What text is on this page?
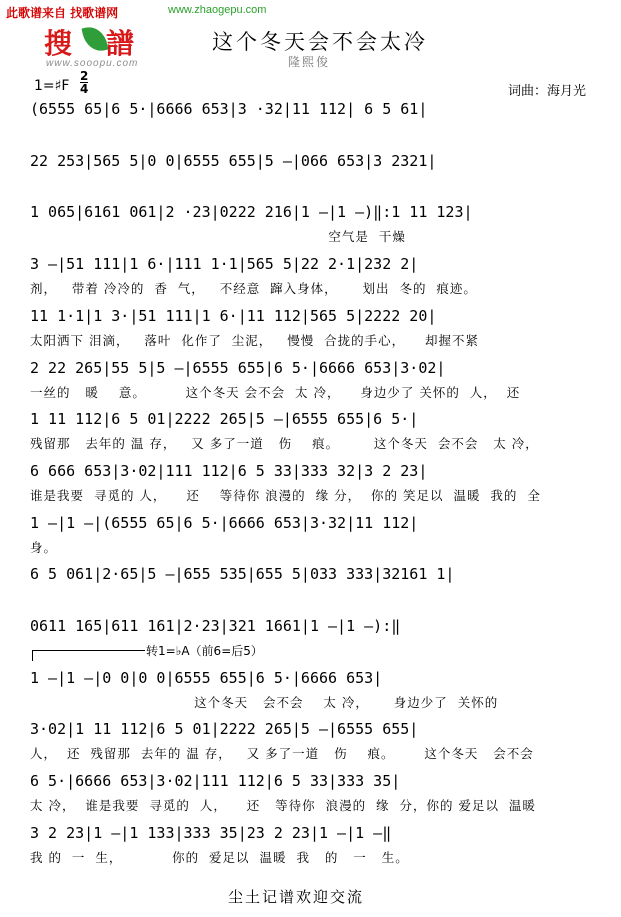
此歌谱来自 找歌谱网	www.zhaogepu.com
搜 譜
www.sooopu.com
这个冬天会不会太冷
隆熙俊
1=♯F
2
4	词曲：海月光
(6555 65|6 5·|6666 653|3 ·32|11 112| 6 5 61|
22 253|565 5|0 0|6555 655|5 –|066 653|3 2321|
1 065|6161 061|2 ·23|0222 216|1 –|1 –)‖:1 11 123|
空气是  干燥
3 –|51 111|1 6·|111 1·1|565 5|22 2·1|232 2|
剂，   带着 冷冷的  香  气，   不经意  蹿入身体，     划出  冬的  痕迹。
11 1·1|1 3·|51 111|1 6·|11 112|565 5|2222 20|
太阳洒下 泪滴，   落叶  化作了  尘泥，   慢慢  合拢的手心，    却握不紧
2 22 265|55 5|5 –|6555 655|6 5·|6666 653|3·02|
一丝的   暖    意。        这个冬天 会不会  太 冷，    身边少了 关怀的  人，  还
1 11 112|6 5 01|2222 265|5 –|6555 655|6 5·|
残留那   去年的 温 存，   又 多了一道   伤    痕。       这个冬天  会不会   太 冷，
6 666 653|3·02|111 112|6 5 33|333 32|3 2 23|
谁是我要  寻觅的 人，    还    等待你 浪漫的  缘 分，  你的 笑足以  温暖  我的  全
1 –|1 –|(6555 65|6 5·|6666 653|3·32|11 112|
身。
6 5 061|2·65|5 –|655 535|655 5|033 333|32161 1|
0611 165|611 161|2·23|321 1661|1 –|1 –):‖
1 –|1 –|0 0|0 0|6555 655|6 5·|6666 653|
这个冬天   会不会    太 冷，     身边少了  关怀的
3·02|1 11 112|6 5 01|2222 265|5 –|6555 655|
人，  还  残留那  去年的 温 存，   又 多了一道   伤    痕。      这个冬天   会不会
6 5·|6666 653|3·02|111 112|6 5 33|333 35|
太 冷，  谁是我要  寻觅的  人，    还   等待你  浪漫的  缘  分，你的 爱足以  温暖
3 2 23|1 –|1 133|333 35|23 2 23|1 –|1 –‖
我 的  一  生，          你的  爱足以  温暖  我   的   一   生。
转1=♭A（前6=后5）
尘土记谱欢迎交流
